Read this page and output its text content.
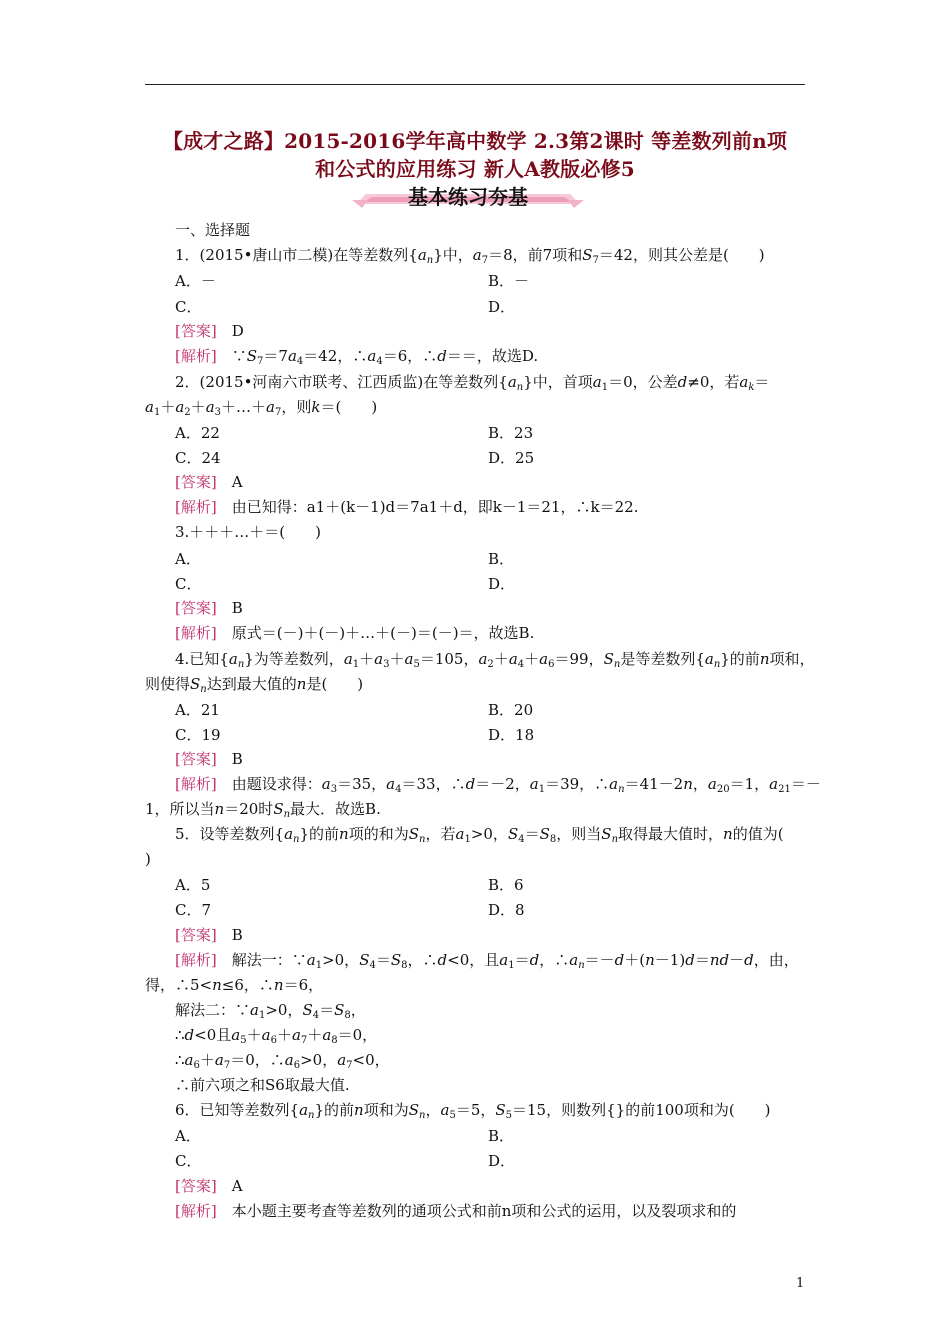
【成才之路】2015-2016学年高中数学 2.3第2课时 等差数列前n项
和公式的应用练习 新人A教版必修5
基本练习夯基
一、选择题
1．(2015•唐山市二模)在等差数列$\{a_n\}$中，$a_7=8$，前7项和$S_7=42$，则其公差是(　　)
A．－	B．－
C．	D．
[答案]　 D
[解析]　$\because S_7=7a_4=42$，$\therefore a_4=6$，∴d＝＝，故选D.
2．(2015•河南六市联考、江西质监)在等差数列$\{a_n\}$中，首项$a_1=0$，公差d≠0，若$a_k=$
$a_1+a_2+a_3+\dots+a_7$，则k＝(　　)
A．22	B．23
C．24	D．25
[答案]　 A
[解析]　 由已知得：a1＋(k－1)d＝7a1＋d，即k－1＝21，∴k＝22.
3.＋＋＋…＋＝(　　)
A．	B．
C．	D．
[答案]　 B
[解析]　 原式＝(－)＋(－)＋…＋(－)＝(－)＝，故选B.
4.已知$\{a_n\}$为等差数列，$a_1+a_3+a_5=105$，$a_2+a_4+a_6=99$，$S_n$是等差数列$\{a_n\}$的前n项和，
则使得$S_n$达到最大值的n是(　　)
A．21	B．20
C．19	D．18
[答案]　 B
[解析]　由题设求得：$a_3=35$，$a_4=33$，∴d＝－2，$a_1=39$，$\therefore a_n=41-2n$，$a_{20}=1$，$a_{21}=-$
1，所以当n＝20时$S_n$最大．故选B.
5．设等差数列$\{a_n\}$的前n项的和为$S_n$，若$a_1>0$，$S_4=S_8$，则当$S_n$取得最大值时，n的值为(
)
A．5	B．6
C．7	D．8
[答案]　 B
[解析]　解法一：$\because a_1>0$，$S_4=S_8$，∴d<0，且$a_1=d$，$\therefore a_n=-d+(n-1)d=nd-d$，由，
得，∴5<n≤6，∴n＝6，
解法二：$\because a_1>0$，$S_4=S_8$，
∴d<0且$a_5+a_6+a_7+a_8=0$，
$\therefore a_6+a_7=0$，$\therefore a_6>0$，$a_7<0$，
∴前六项之和S6取最大值.
6．已知等差数列$\{a_n\}$的前n项和为$S_n$，$a_5=5$，$S_5=15$，则数列{}的前100项和为(　　)
A．	B．
C．	D．
[答案]　 A
[解析]　 本小题主要考查等差数列的通项公式和前n项和公式的运用，以及裂项求和的
1
